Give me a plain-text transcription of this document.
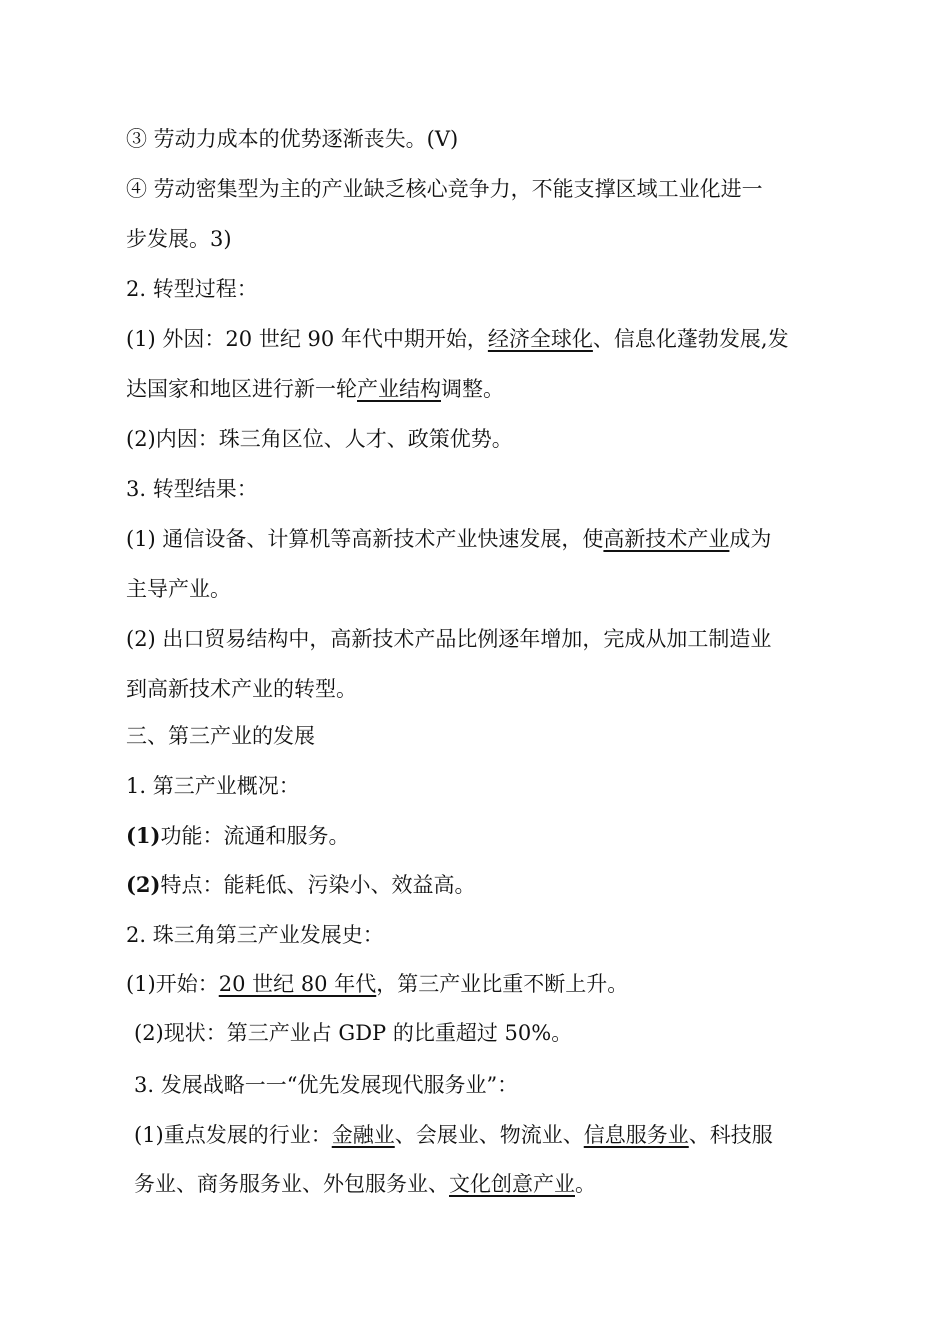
③ 劳动力成本的优势逐渐丧失。(V)
④ 劳动密集型为主的产业缺乏核心竞争力，不能支撑区域工业化进一
步发展。3)
2. 转型过程：
(1) 外因：20 世纪 90 年代中期开始，经济全球化、信息化蓬勃发展,发
达国家和地区进行新一轮产业结构调整。
(2)内因：珠三角区位、人才、政策优势。
3. 转型结果：
(1) 通信设备、计算机等高新技术产业快速发展，使高新技术产业成为
主导产业。
(2) 出口贸易结构中，高新技术产品比例逐年增加，完成从加工制造业
到高新技术产业的转型。
三、第三产业的发展
1. 第三产业概况：
(1)功能：流通和服务。
(2)特点：能耗低、污染小、效益高。
2. 珠三角第三产业发展史：
(1)开始：20 世纪 80 年代，第三产业比重不断上升。
(2)现状：第三产业占 GDP 的比重超过 50%。
3. 发展战略一一“优先发展现代服务业”：
(1)重点发展的行业：金融业、会展业、物流业、信息服务业、科技服
务业、商务服务业、外包服务业、文化创意产业。
